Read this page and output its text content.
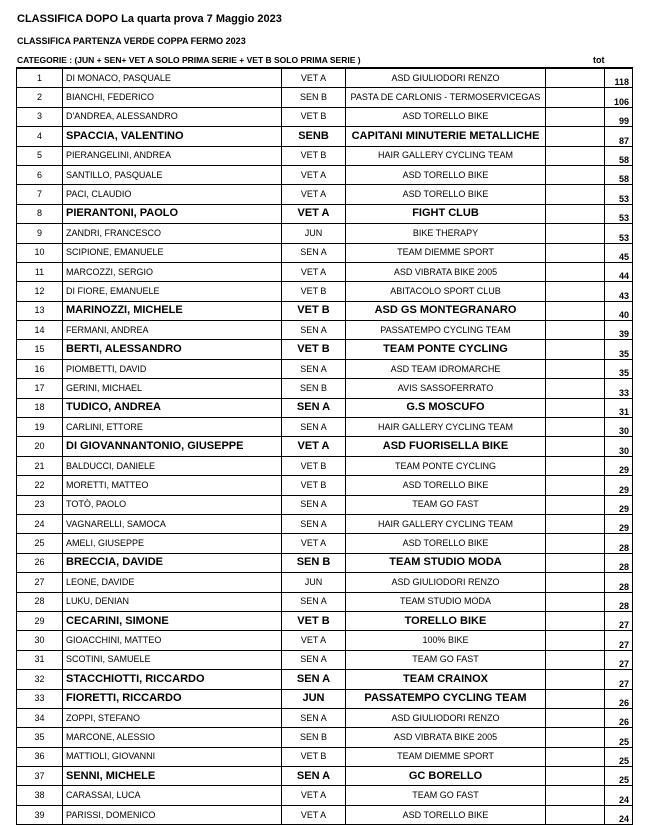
CLASSIFICA DOPO La quarta prova 7 Maggio 2023
CLASSIFICA PARTENZA VERDE COPPA FERMO 2023
CATEGORIE : (JUN + SEN+ VET A SOLO PRIMA SERIE + VET B SOLO PRIMA SERIE )	tot
1	DI MONACO, PASQUALE	VET A	ASD GIULIODORI RENZO		118
2	BIANCHI, FEDERICO	SEN B	PASTA DE CARLONIS - TERMOSERVICEGAS		106
3	D'ANDREA, ALESSANDRO	VET B	ASD TORELLO BIKE		99
4	SPACCIA, VALENTINO	SENB	CAPITANI MINUTERIE METALLICHE		87
5	PIERANGELINI, ANDREA	VET B	HAIR GALLERY CYCLING TEAM		58
6	SANTILLO, PASQUALE	VET A	ASD TORELLO BIKE		58
7	PACI, CLAUDIO	VET A	ASD TORELLO BIKE		53
8	PIERANTONI, PAOLO	VET A	FIGHT CLUB		53
9	ZANDRI, FRANCESCO	JUN	BIKE THERAPY		53
10	SCIPIONE, EMANUELE	SEN A	TEAM DIEMME SPORT		45
11	MARCOZZI, SERGIO	VET A	ASD VIBRATA BIKE 2005		44
12	DI FIORE, EMANUELE	VET B	ABITACOLO SPORT CLUB		43
13	MARINOZZI, MICHELE	VET B	ASD GS MONTEGRANARO		40
14	FERMANI, ANDREA	SEN A	PASSATEMPO CYCLING TEAM		39
15	BERTI, ALESSANDRO	VET B	TEAM PONTE CYCLING		35
16	PIOMBETTI, DAVID	SEN A	ASD TEAM IDROMARCHE		35
17	GERINI, MICHAEL	SEN B	AVIS SASSOFERRATO		33
18	TUDICO, ANDREA	SEN A	G.S MOSCUFO		31
19	CARLINI, ETTORE	SEN A	HAIR GALLERY CYCLING TEAM		30
20	DI GIOVANNANTONIO, GIUSEPPE	VET A	ASD FUORISELLA BIKE		30
21	BALDUCCI, DANIELE	VET B	TEAM PONTE CYCLING		29
22	MORETTI, MATTEO	VET B	ASD TORELLO BIKE		29
23	TOTÒ, PAOLO	SEN A	TEAM GO FAST		29
24	VAGNARELLI, SAMOCA	SEN A	HAIR GALLERY CYCLING TEAM		29
25	AMELI, GIUSEPPE	VET A	ASD TORELLO BIKE		28
26	BRECCIA, DAVIDE	SEN B	TEAM STUDIO MODA		28
27	LEONE, DAVIDE	JUN	ASD GIULIODORI RENZO		28
28	LUKU, DENIAN	SEN A	TEAM STUDIO MODA		28
29	CECARINI, SIMONE	VET B	TORELLO BIKE		27
30	GIOACCHINI, MATTEO	VET A	100% BIKE		27
31	SCOTINI, SAMUELE	SEN A	TEAM GO FAST		27
32	STACCHIOTTI, RICCARDO	SEN A	TEAM CRAINOX		27
33	FIORETTI, RICCARDO	JUN	PASSATEMPO CYCLING TEAM		26
34	ZOPPI, STEFANO	SEN A	ASD GIULIODORI RENZO		26
35	MARCONE, ALESSIO	SEN B	ASD VIBRATA BIKE 2005		25
36	MATTIOLI, GIOVANNI	VET B	TEAM DIEMME SPORT		25
37	SENNI, MICHELE	SEN A	GC BORELLO		25
38	CARASSAI, LUCA	VET A	TEAM GO FAST		24
39	PARISSI, DOMENICO	VET A	ASD TORELLO BIKE		24
